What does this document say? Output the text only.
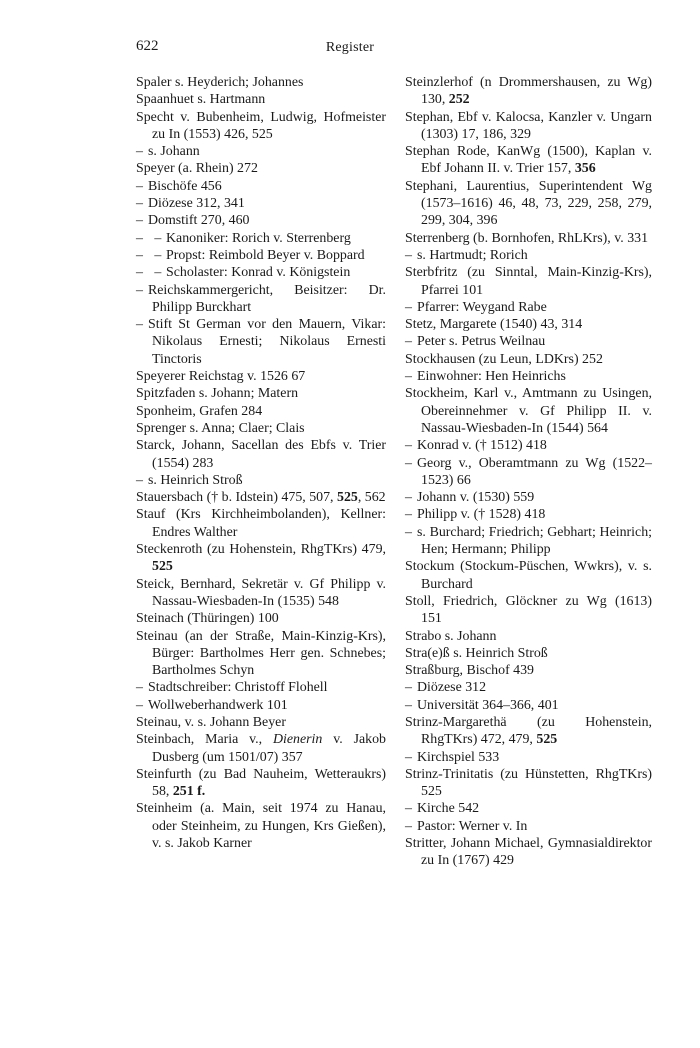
622	Register

Spaler s. Heyderich; Johannes

Spaanhuet s. Hartmann

Specht v. Bubenheim, Ludwig, Hofmeister zu In (1553) 426, 525

– s. Johann

Speyer (a. Rhein) 272

– Bischöfe 456

– Diözese 312, 341

– Domstift 270, 460

– –Kanoniker: Rorich v. Sterrenberg

– –Propst: Reimbold Beyer v. Boppard

– –Scholaster: Konrad v. Königstein

– Reichskammergericht, Beisitzer: Dr. Philipp Burckhart

– Stift St German vor den Mauern, Vikar: Nikolaus Ernesti; Nikolaus Ernesti Tinctoris

Speyerer Reichstag v. 1526 67

Spitzfaden s. Johann; Matern

Sponheim, Grafen 284

Sprenger s. Anna; Claer; Clais

Starck, Johann, Sacellan des Ebfs v. Trier (1554) 283

– s. Heinrich Stroß

Stauersbach († b. Idstein) 475, 507, 525, 562

Stauf (Krs Kirchheimbolanden), Kellner: Endres Walther

Steckenroth (zu Hohenstein, RhgTKrs) 479, 525

Steick, Bernhard, Sekretär v. Gf Philipp v. Nassau-Wiesbaden-In (1535) 548

Steinach (Thüringen) 100

Steinau (an der Straße, Main-Kinzig-Krs), Bürger: Bartholmes Herr gen. Schnebes; Bartholmes Schyn

– Stadtschreiber: Christoff Flohell

– Wollweberhandwerk 101

Steinau, v. s. Johann Beyer

Steinbach, Maria v., Dienerin v. Jakob Dusberg (um 1501/07) 357

Steinfurth (zu Bad Nauheim, Wetteraukrs) 58, 251 f.

Steinheim (a. Main, seit 1974 zu Hanau, oder Steinheim, zu Hungen, Krs Gießen), v. s. Jakob Karner

Steinzlerhof (n Drommershausen, zu Wg) 130, 252

Stephan, Ebf v. Kalocsa, Kanzler v. Ungarn (1303) 17, 186, 329

Stephan Rode, KanWg (1500), Kaplan v. Ebf Johann II. v. Trier 157, 356

Stephani, Laurentius, Superintendent Wg (1573–1616) 46, 48, 73, 229, 258, 279, 299, 304, 396

Sterrenberg (b. Bornhofen, RhLKrs), v. 331

– s. Hartmudt; Rorich

Sterbfritz (zu Sinntal, Main-Kinzig-Krs), Pfarrei 101

– Pfarrer: Weygand Rabe

Stetz, Margarete (1540) 43, 314

– Peter s. Petrus Weilnau

Stockhausen (zu Leun, LDKrs) 252

– Einwohner: Hen Heinrichs

Stockheim, Karl v., Amtmann zu Usingen, Obereinnehmer v. Gf Philipp II. v. Nassau-Wiesbaden-In (1544) 564

– Konrad v. († 1512) 418

– Georg v., Oberamtmann zu Wg (1522–1523) 66

– Johann v. (1530) 559

– Philipp v. († 1528) 418

– s. Burchard; Friedrich; Gebhart; Heinrich; Hen; Hermann; Philipp

Stockum (Stockum-Püschen, Wwkrs), v. s. Burchard

Stoll, Friedrich, Glöckner zu Wg (1613) 151

Strabo s. Johann

Stra(e)ß s. Heinrich Stroß

Straßburg, Bischof 439

– Diözese 312

– Universität 364–366, 401

Strinz-Margarethä (zu Hohenstein, RhgTKrs) 472, 479, 525

– Kirchspiel 533

Strinz-Trinitatis (zu Hünstetten, RhgTKrs) 525

– Kirche 542

– Pastor: Werner v. In

Stritter, Johann Michael, Gymnasialdirektor zu In (1767) 429
